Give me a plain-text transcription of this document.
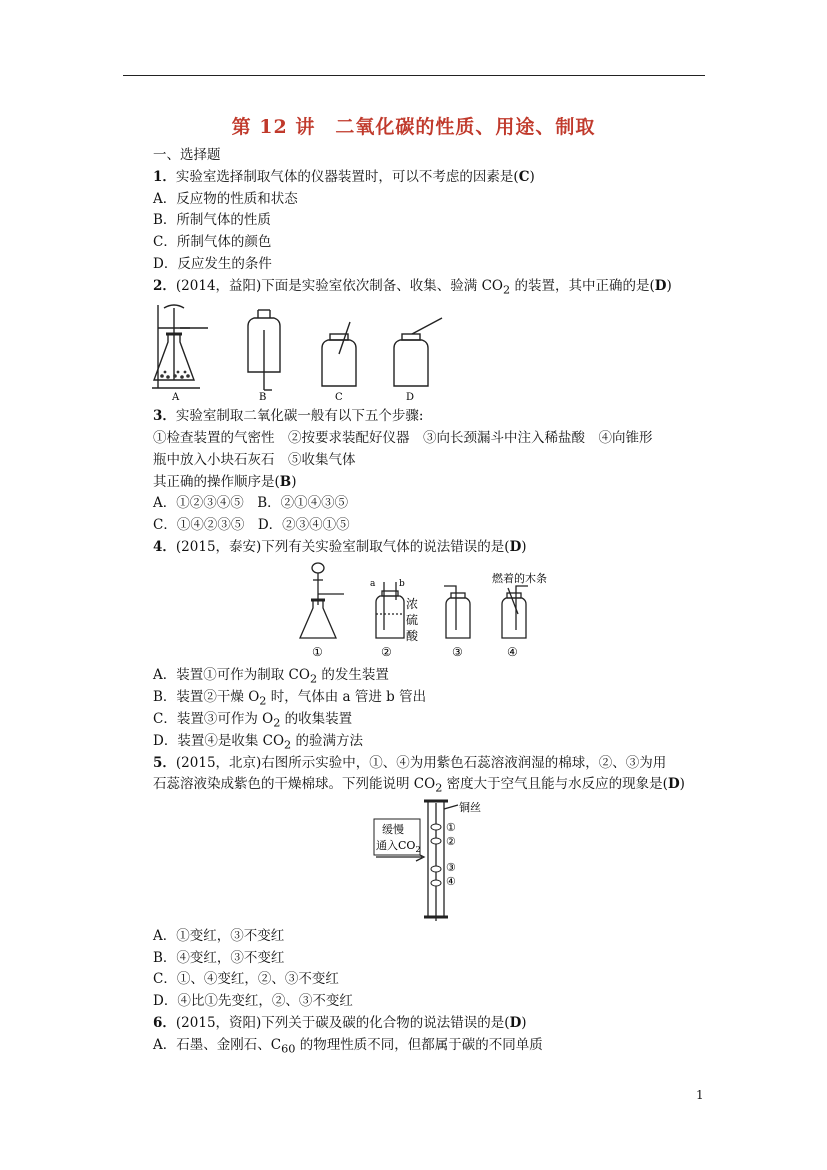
第 12 讲　二氧化碳的性质、用途、制取
一、选择题
1．实验室选择制取气体的仪器装置时，可以不考虑的因素是(C)
A．反应物的性质和状态
B．所制气体的性质
C．所制气体的颜色
D．反应发生的条件
2．(2014，益阳)下面是实验室依次制备、收集、验满 $CO_2$ 的装置，其中正确的是(D)
A	B	C	D
3．实验室制取二氧化碳一般有以下五个步骤:
①检查装置的气密性　②按要求装配好仪器　③向长颈漏斗中注入稀盐酸　④向锥形
瓶中放入小块石灰石　⑤收集气体
其正确的操作顺序是(B)
A．①②③④⑤　B．②①④③⑤
C．①④②③⑤　D．②③④①⑤
4．(2015，泰安)下列有关实验室制取气体的说法错误的是(D)
a	b
浓
硫
酸
燃着的木条
①	②	③	④
A．装置①可作为制取 $CO_2$ 的发生装置
B．装置②干燥 $O_2$ 时，气体由 a 管进 b 管出
C．装置③可作为 $O_2$ 的收集装置
D．装置④是收集 $CO_2$ 的验满方法
5．(2015，北京)右图所示实验中，①、④为用紫色石蕊溶液润湿的棉球，②、③为用
石蕊溶液染成紫色的干燥棉球。下列能说明 $CO_2$ 密度大于空气且能与水反应的现象是(D)
缓慢
通入$CO_2$
铜丝
①
②
③
④
A．①变红，③不变红
B．④变红，③不变红
C．①、④变红，②、③不变红
D．④比①先变红，②、③不变红
6．(2015，资阳)下列关于碳及碳的化合物的说法错误的是(D)
A．石墨、金刚石、$C_{60}$ 的物理性质不同，但都属于碳的不同单质
1
